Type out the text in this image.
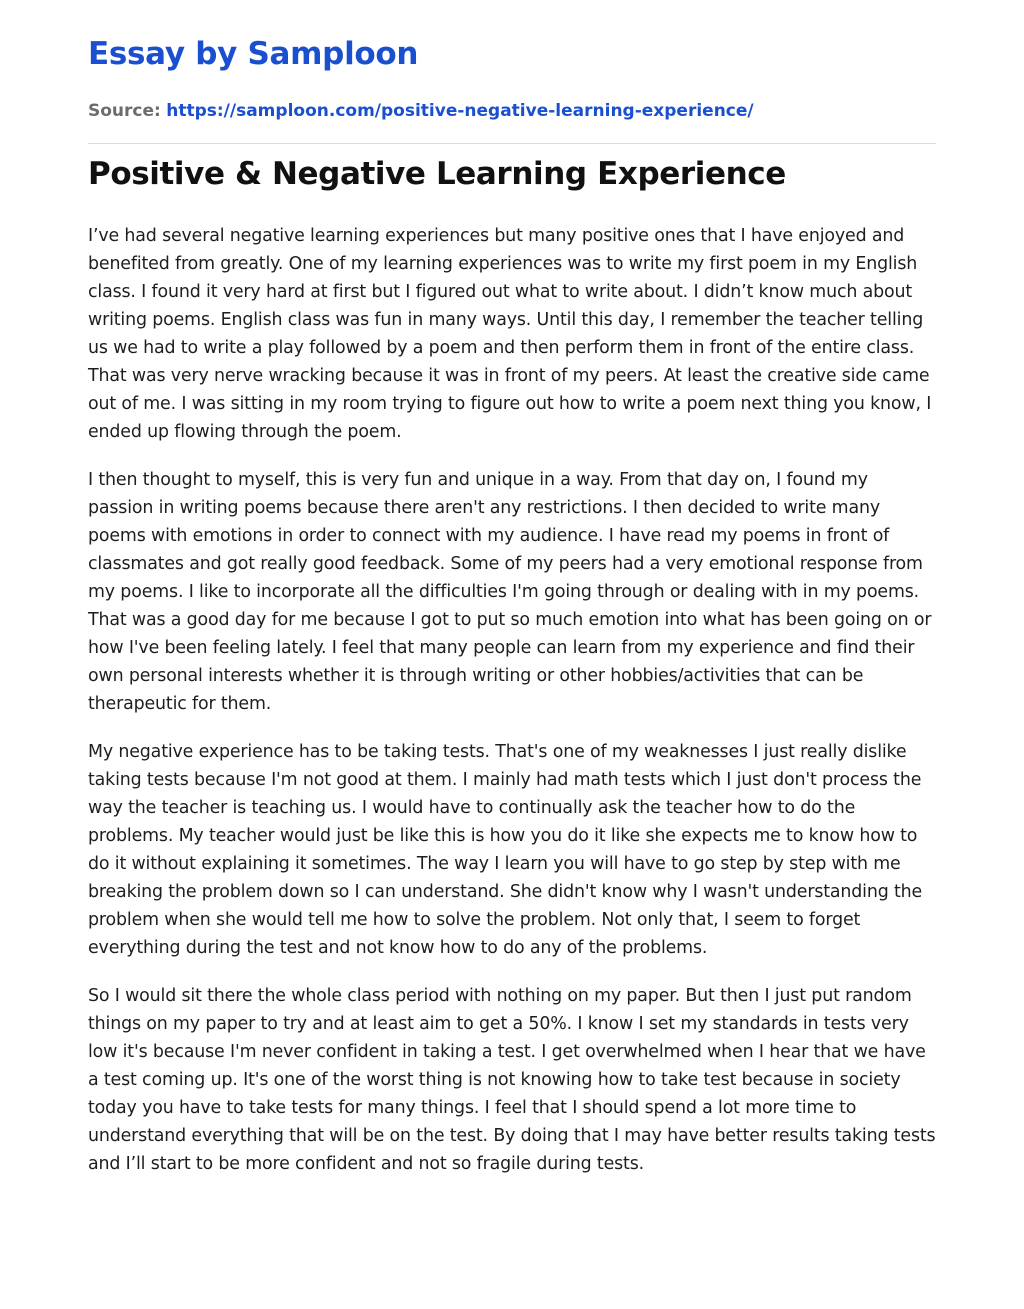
Essay by Samploon
Source: https://samploon.com/positive-negative-learning-experience/
Positive & Negative Learning Experience

I’ve had several negative learning experiences but many positive ones that I have enjoyed and benefited from greatly. One of my learning experiences was to write my first poem in my English class. I found it very hard at first but I figured out what to write about. I didn’t know much about writing poems. English class was fun in many ways. Until this day, I remember the teacher telling us we had to write a play followed by a poem and then perform them in front of the entire class. That was very nerve wracking because it was in front of my peers. At least the creative side came out of me. I was sitting in my room trying to figure out how to write a poem next thing you know, I ended up flowing through the poem.

I then thought to myself, this is very fun and unique in a way. From that day on, I found my passion in writing poems because there aren't any restrictions. I then decided to write many poems with emotions in order to connect with my audience. I have read my poems in front of classmates and got really good feedback. Some of my peers had a very emotional response from my poems. I like to incorporate all the difficulties I'm going through or dealing with in my poems. That was a good day for me because I got to put so much emotion into what has been going on or how I've been feeling lately. I feel that many people can learn from my experience and find their own personal interests whether it is through writing or other hobbies/activities that can be therapeutic for them.

My negative experience has to be taking tests. That's one of my weaknesses I just really dislike taking tests because I'm not good at them. I mainly had math tests which I just don't process the way the teacher is teaching us. I would have to continually ask the teacher how to do the problems. My teacher would just be like this is how you do it like she expects me to know how to do it without explaining it sometimes. The way I learn you will have to go step by step with me breaking the problem down so I can understand. She didn't know why I wasn't understanding the problem when she would tell me how to solve the problem. Not only that, I seem to forget everything during the test and not know how to do any of the problems.

So I would sit there the whole class period with nothing on my paper. But then I just put random things on my paper to try and at least aim to get a 50%. I know I set my standards in tests very low it's because I'm never confident in taking a test. I get overwhelmed when I hear that we have a test coming up. It's one of the worst thing is not knowing how to take test because in society today you have to take tests for many things. I feel that I should spend a lot more time to understand everything that will be on the test. By doing that I may have better results taking tests and I’ll start to be more confident and not so fragile during tests.
